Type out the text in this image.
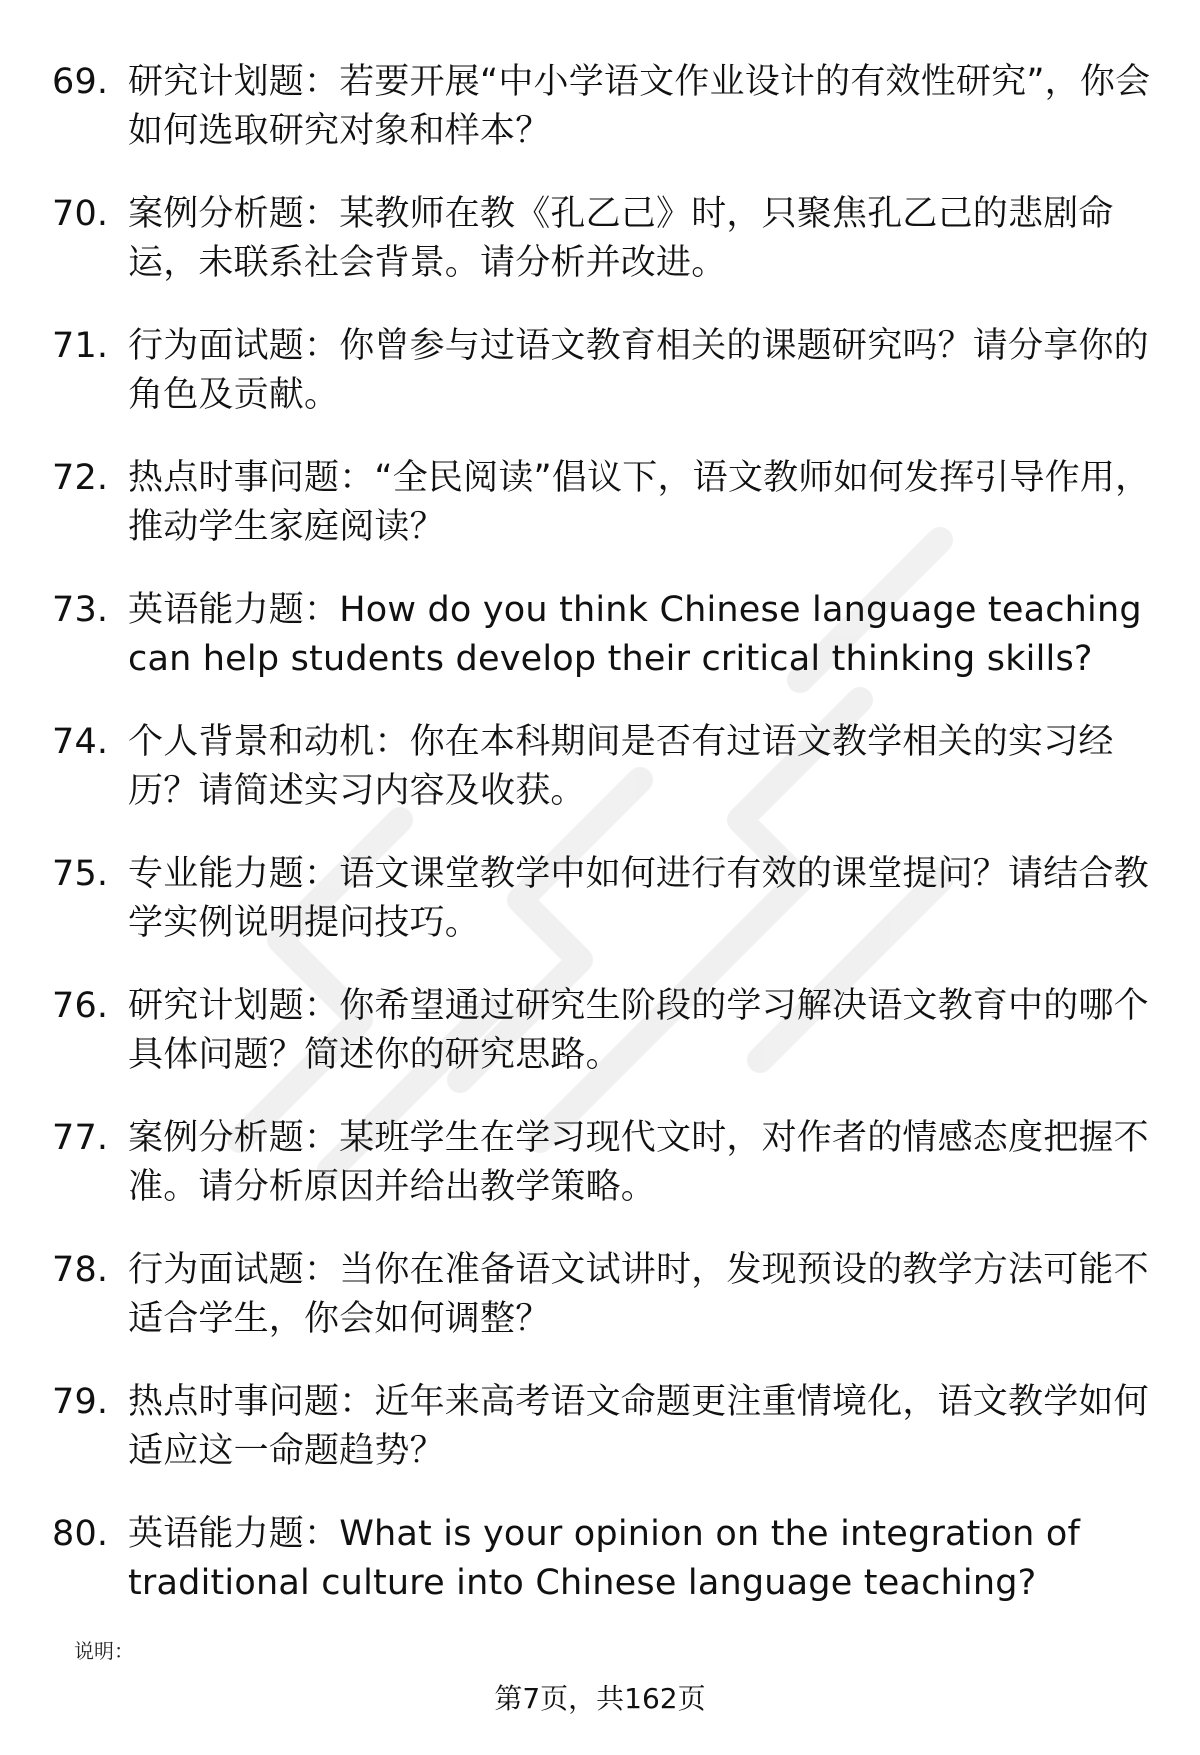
69. 研究计划题：若要开展“中小学语文作业设计的有效性研究”，你会如何选取研究对象和样本？
70. 案例分析题：某教师在教《孔乙己》时，只聚焦孔乙己的悲剧命运，未联系社会背景。请分析并改进。
71. 行为面试题：你曾参与过语文教育相关的课题研究吗？请分享你的角色及贡献。
72. 热点时事问题：“全民阅读”倡议下，语文教师如何发挥引导作用，推动学生家庭阅读？
73. 英语能力题：How do you think Chinese language teaching can help students develop their critical thinking skills?
74. 个人背景和动机：你在本科期间是否有过语文教学相关的实习经历？请简述实习内容及收获。
75. 专业能力题：语文课堂教学中如何进行有效的课堂提问？请结合教学实例说明提问技巧。
76. 研究计划题：你希望通过研究生阶段的学习解决语文教育中的哪个具体问题？简述你的研究思路。
77. 案例分析题：某班学生在学习现代文时，对作者的情感态度把握不准。请分析原因并给出教学策略。
78. 行为面试题：当你在准备语文试讲时，发现预设的教学方法可能不适合学生，你会如何调整？
79. 热点时事问题：近年来高考语文命题更注重情境化，语文教学如何适应这一命题趋势？
80. 英语能力题：What is your opinion on the integration of traditional culture into Chinese language teaching?
说明：
第7页，共162页
